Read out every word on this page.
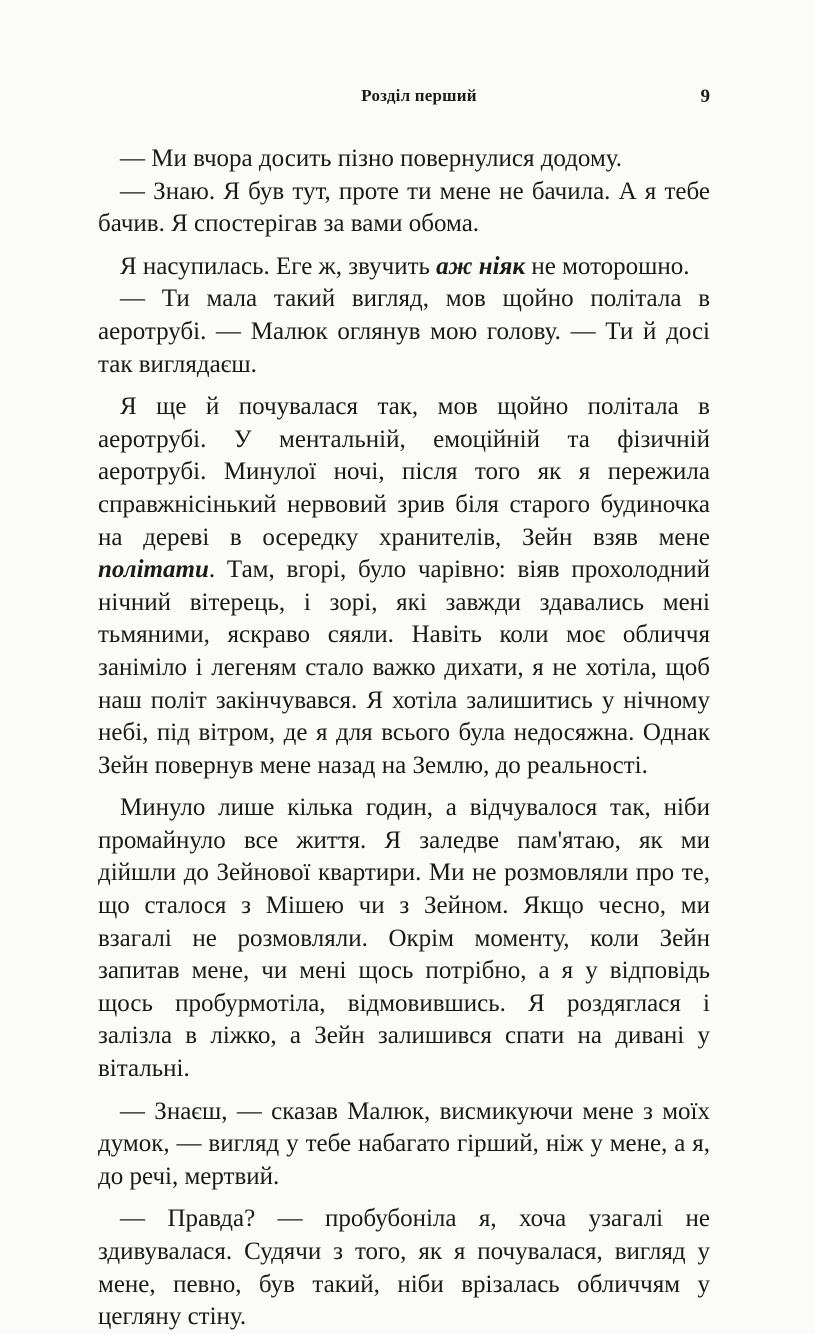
Розділ перший	9

— Ми вчора досить пізно повернулися додому.

— Знаю. Я був тут, проте ти мене не бачила. А я тебе бачив. Я спостерігав за вами обома.

Я насупилась. Еге ж, звучить аж ніяк не моторошно.

— Ти мала такий вигляд, мов щойно політала в аеротрубі. — Малюк оглянув мою голову. — Ти й досі так виглядаєш.

Я ще й почувалася так, мов щойно політала в аеротрубі. У ментальній, емоційній та фізичній аеротрубі. Минулої ночі, після того як я пережила справжнісінький нервовий зрив біля старого будиночка на дереві в осередку хранителів, Зейн взяв мене політати. Там, вгорі, було чарівно: віяв прохолодний нічний вітерець, і зорі, які завжди здавались мені тьмяними, яскраво сяяли. Навіть коли моє обличчя заніміло і легеням стало важко дихати, я не хотіла, щоб наш політ закінчувався. Я хотіла залишитись у нічному небі, під вітром, де я для всього була недосяжна. Однак Зейн повернув мене назад на Землю, до реальності.

Минуло лише кілька годин, а відчувалося так, ніби промайнуло все життя. Я заледве пам'ятаю, як ми дійшли до Зейнової квартири. Ми не розмовляли про те, що сталося з Мішею чи з Зейном. Якщо чесно, ми взагалі не розмовляли. Окрім моменту, коли Зейн запитав мене, чи мені щось потрібно, а я у відповідь щось пробурмотіла, відмовившись. Я роздяглася і залізла в ліжко, а Зейн залишився спати на дивані у вітальні.

— Знаєш, — сказав Малюк, висмикуючи мене з моїх думок, — вигляд у тебе набагато гірший, ніж у мене, а я, до речі, мертвий.

— Правда? — пробубоніла я, хоча узагалі не здивувалася. Судячи з того, як я почувалася, вигляд у мене, певно, був такий, ніби врізалась обличчям у цегляну стіну.
